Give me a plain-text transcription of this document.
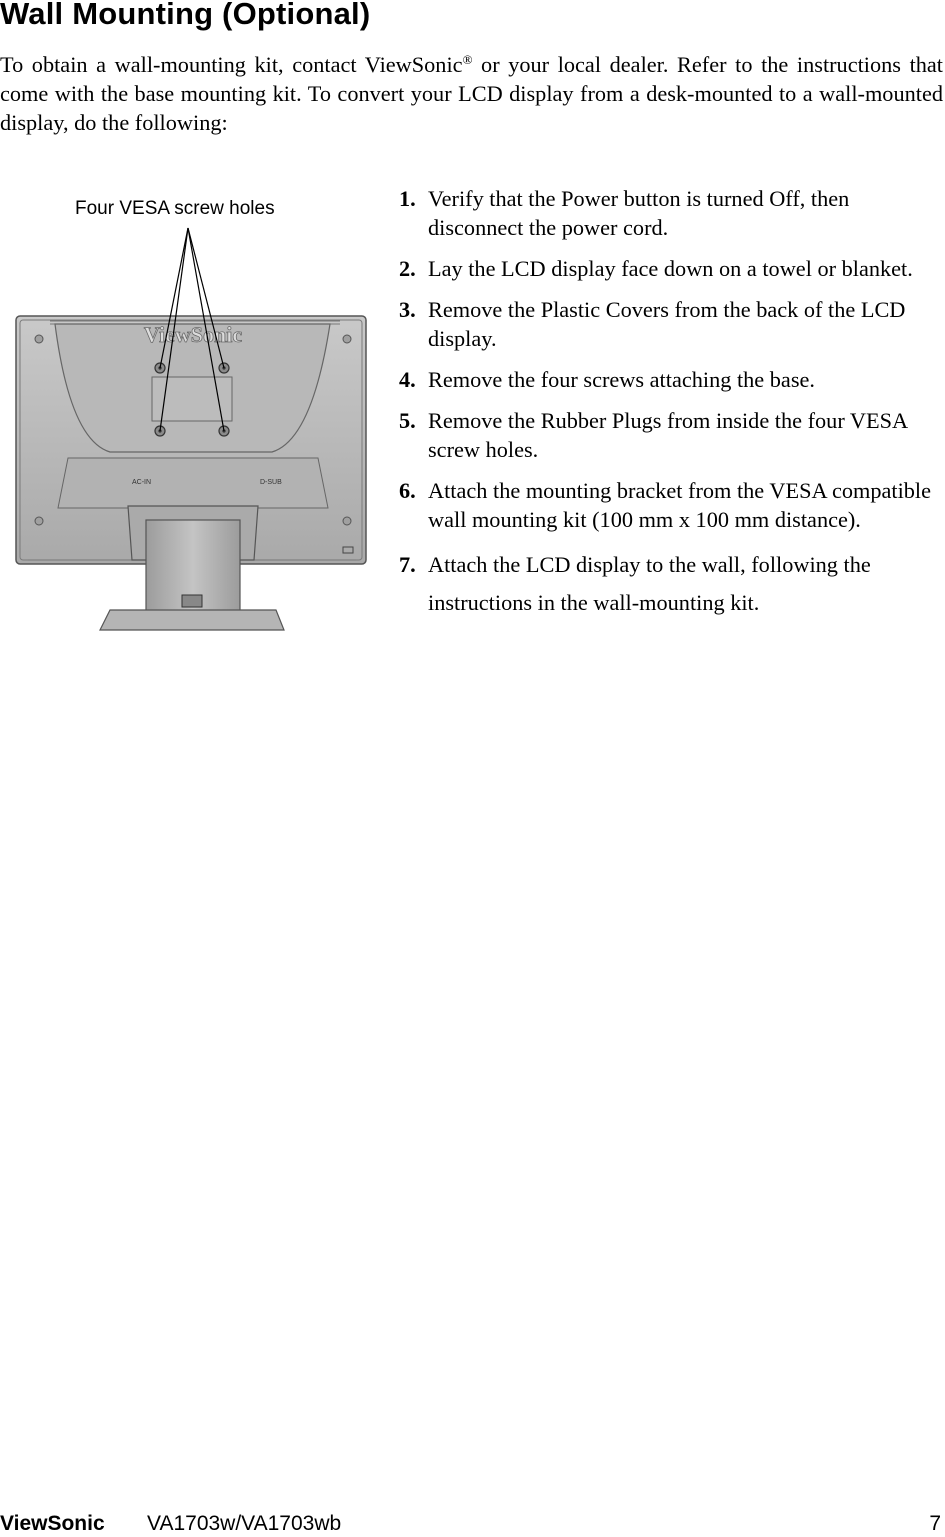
Wall Mounting (Optional)

To obtain a wall-mounting kit, contact ViewSonic® or your local dealer. Refer to the instructions that come with the base mounting kit. To convert your LCD display from a desk-mounted to a wall-mounted display, do the following:

ViewSonic
AC-IN	D-SUB
Four VESA screw holes	1. Verify that the Power button is turned Off, then disconnect the power cord.
2. Lay the LCD display face down on a towel or blanket.
3. Remove the Plastic Covers from the back of the LCD display.
4. Remove the four screws attaching the base.
5. Remove the Rubber Plugs from inside the four VESA screw holes.
6. Attach the mounting bracket from the VESA compatible wall mounting kit (100 mm x 100 mm distance).
7. Attach the LCD display to the wall, following the instructions in the wall-mounting kit.
ViewSonic VA1703w/VA1703wb	7
